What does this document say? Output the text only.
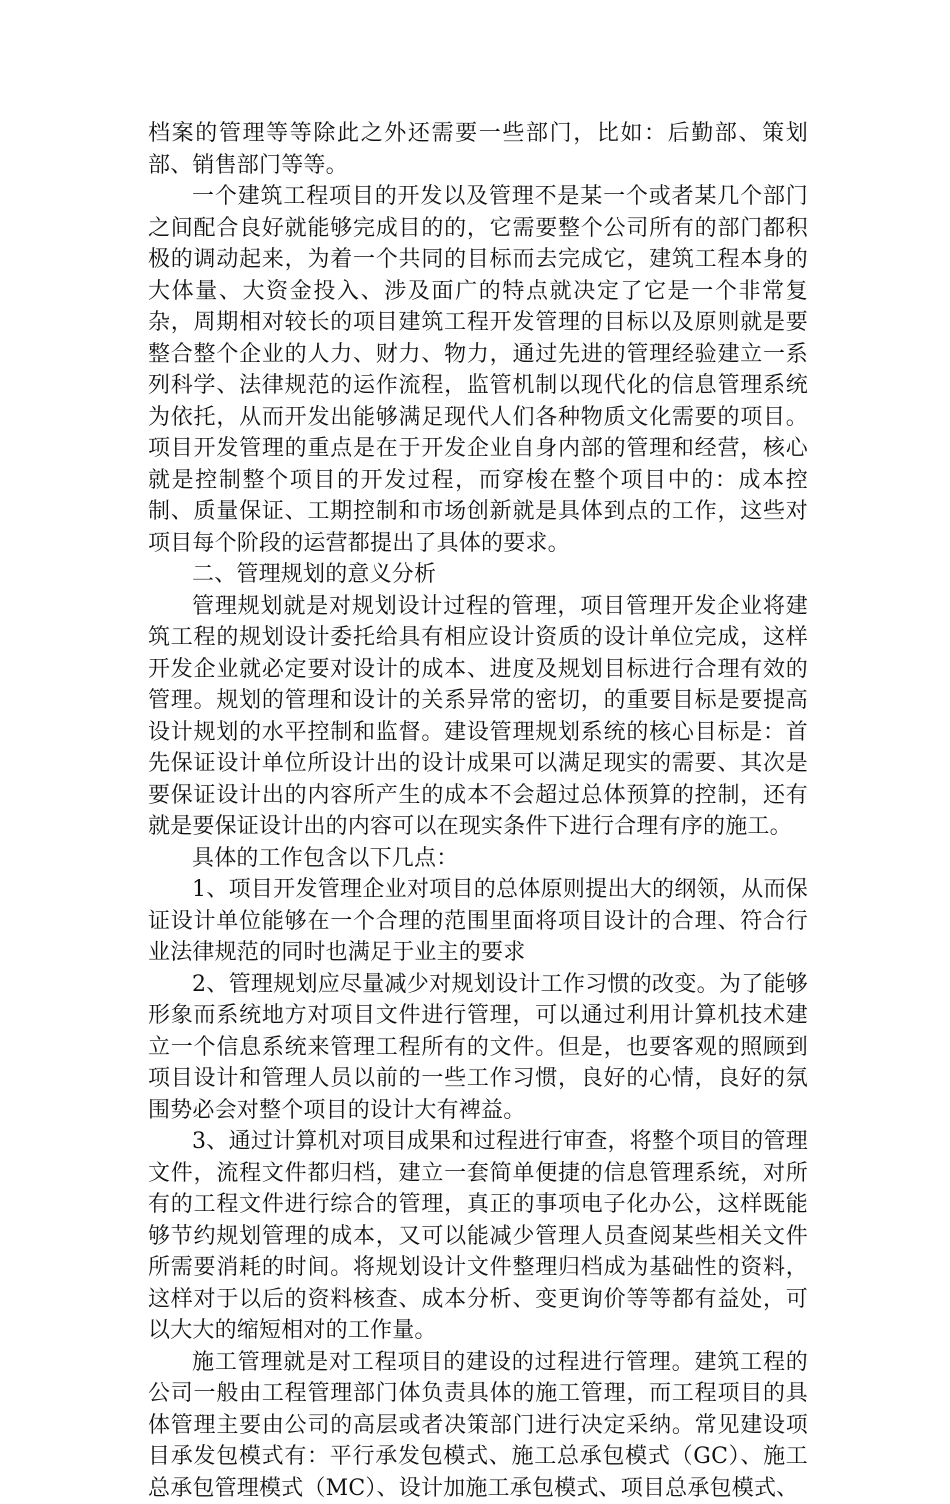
档案的管理等等除此之外还需要一些部门，比如：后勤部、策划部、销售部门等等。

一个建筑工程项目的开发以及管理不是某一个或者某几个部门之间配合良好就能够完成目的的，它需要整个公司所有的部门都积极的调动起来，为着一个共同的目标而去完成它，建筑工程本身的大体量、大资金投入、涉及面广的特点就决定了它是一个非常复杂，周期相对较长的项目建筑工程开发管理的目标以及原则就是要整合整个企业的人力、财力、物力，通过先进的管理经验建立一系列科学、法律规范的运作流程，监管机制以现代化的信息管理系统为依托，从而开发出能够满足现代人们各种物质文化需要的项目。项目开发管理的重点是在于开发企业自身内部的管理和经营，核心就是控制整个项目的开发过程，而穿梭在整个项目中的：成本控制、质量保证、工期控制和市场创新就是具体到点的工作，这些对项目每个阶段的运营都提出了具体的要求。

二、管理规划的意义分析

管理规划就是对规划设计过程的管理，项目管理开发企业将建筑工程的规划设计委托给具有相应设计资质的设计单位完成，这样开发企业就必定要对设计的成本、进度及规划目标进行合理有效的管理。规划的管理和设计的关系异常的密切，的重要目标是要提高设计规划的水平控制和监督。建设管理规划系统的核心目标是：首先保证设计单位所设计出的设计成果可以满足现实的需要、其次是要保证设计出的内容所产生的成本不会超过总体预算的控制，还有就是要保证设计出的内容可以在现实条件下进行合理有序的施工。

具体的工作包含以下几点：

1、项目开发管理企业对项目的总体原则提出大的纲领，从而保证设计单位能够在一个合理的范围里面将项目设计的合理、符合行业法律规范的同时也满足于业主的要求

2、管理规划应尽量减少对规划设计工作习惯的改变。为了能够形象而系统地方对项目文件进行管理，可以通过利用计算机技术建立一个信息系统来管理工程所有的文件。但是，也要客观的照顾到项目设计和管理人员以前的一些工作习惯，良好的心情，良好的氛围势必会对整个项目的设计大有裨益。

3、通过计算机对项目成果和过程进行审查，将整个项目的管理文件，流程文件都归档，建立一套简单便捷的信息管理系统，对所有的工程文件进行综合的管理，真正的事项电子化办公，这样既能够节约规划管理的成本，又可以能减少管理人员查阅某些相关文件所需要消耗的时间。将规划设计文件整理归档成为基础性的资料，这样对于以后的资料核查、成本分析、变更询价等等都有益处，可以大大的缩短相对的工作量。

施工管理就是对工程项目的建设的过程进行管理。建筑工程的公司一般由工程管理部门体负责具体的施工管理，而工程项目的具体管理主要由公司的高层或者决策部门进行决定采纳。常见建设项目承发包模式有：平行承发包模式、施工总承包模式（GC）、施工总承包管理模式（MC）、设计加施工承包模式、项目总承包模式、
